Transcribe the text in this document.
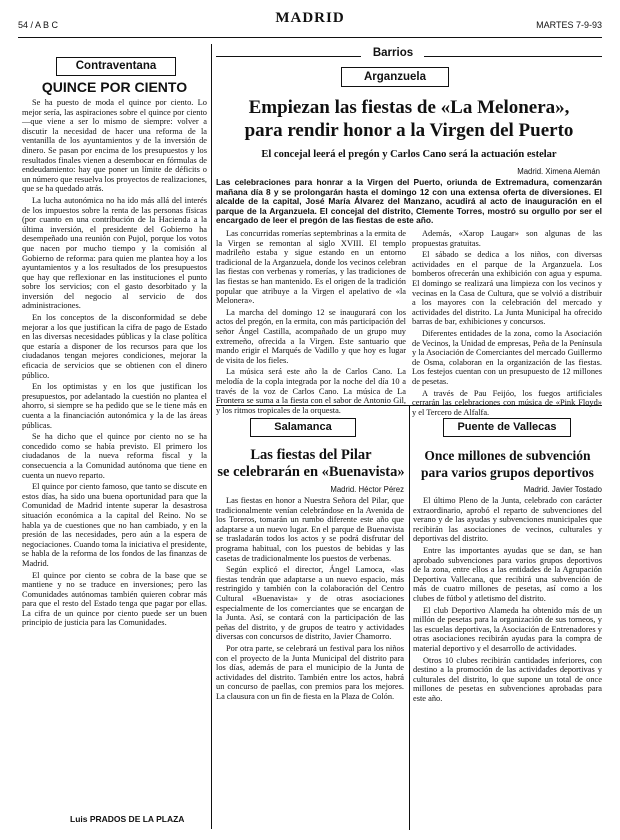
54 / A B C	MADRID	MARTES 7-9-93
Contraventana
QUINCE POR CIENTO

Se ha puesto de moda el quince por ciento. Lo mejor sería, las aspiraciones sobre el quince por ciento —que viene a ser lo mismo de siempre: volver a discutir la necesidad de hacer una reforma de la ventanilla de los ayuntamientos y de la inversión de dinero. Se pasan por encima de los presupuestos y los resultados finales vienen a desembocar en fórmulas de endeudamiento: hay que poner un límite de déficits o un número que resuelva los proyectos de realizaciones, que se ha quedado atrás.

La lucha autonómica no ha ido más allá del interés de los impuestos sobre la renta de las personas físicas (por cuanto en una contribución de la Hacienda a la última inversión, el presidente del Gobierno ha desempeñado una reunión con Pujol, porque los votos que nacen por mucho tiempo y la comisión al Gobierno de reforma: para quien me plantea hoy a los ayuntamientos y a los resultados de los presupuestos que hay que reflexionar en las instituciones el punto sobre los servicios; con el gasto desorbitado y la inversión del negocio al servicio de dos administraciones.

En los conceptos de la disconformidad se debe mejorar a los que justifican la cifra de pago de Estado en las diversas necesidades públicas y la clase política que estaría a disponer de los recursos para que los ciudadanos tengan mejores condiciones, mejorar la eficacia de servicios que se obtienen con el dinero público.

En los optimistas y en los que justifican los presupuestos, por adelantado la cuestión no plantea el ahorro, si siempre se ha pedido que se le tiene más en cuenta a la financiación autonómica y la de las áreas públicas.

Se ha dicho que el quince por ciento no se ha concedido como se había previsto. El primero los ciudadanos de la nueva reforma fiscal y la consecuencia a la Comunidad autónoma que tiene en cuenta un nuevo reparto.

El quince por ciento famoso, que tanto se discute en estos días, ha sido una buena oportunidad para que la Comunidad de Madrid intente superar la desastrosa situación económica a la capital del Reino. No se habla ya de cuestiones que no han cambiado, y en la presión de las necesidades, pero aún a la espera de negociaciones. Cuando toma la iniciativa el presidente, se habla de la reforma de los fondos de las finanzas de Madrid.

El quince por ciento se cobra de la base que se mantiene y no se traduce en inversiones; pero las Comunidades autónomas también quieren cobrar más para que el resto del Estado tenga que pagar por ellas. La cifra de un quince por ciento puede ser un buen principio de justicia para las Comunidades.

Luis PRADOS DE LA PLAZA
Barrios
Arganzuela
Empiezan las fiestas de «La Melonera»,
para rendir honor a la Virgen del Puerto
El concejal leerá el pregón y Carlos Cano será la actuación estelar
Madrid. Ximena Alemán
Las celebraciones para honrar a la Virgen del Puerto, oriunda de Extremadura, comenzarán mañana día 8 y se prolongarán hasta el domingo 12 con una extensa oferta de diversiones. El alcalde de la capital, José María Álvarez del Manzano, acudirá al acto de inauguración en el parque de la Arganzuela. El concejal del distrito, Clemente Torres, mostró su orgullo por ser el encargado de leer el pregón de las fiestas de este año.

Las concurridas romerías septembrinas a la ermita de la Virgen se remontan al siglo XVIII. El templo madrileño estaba y sigue estando en un entorno tradicional de la Arganzuela, donde los vecinos celebran las fiestas con verbenas y romerías, y las tradiciones de las fiestas se han mantenido. Es el origen de la tradición popular que atribuye a la Virgen el apelativo de «la Melonera».

La marcha del domingo 12 se inaugurará con los actos del pregón, en la ermita, con más participación del señor Ángel Castilla, acompañado de un grupo muy extremeño, ofrecida a la Virgen. Este santuario que mando erigir el Marqués de Vadillo y que hoy es lugar de visita de los fieles.

La música será este año la de Carlos Cano. La melodía de la copla integrada por la noche del día 10 a través de la voz de Carlos Cano. La música de La Frontera se suma a la fiesta con el sabor de Antonio Gil, y los ritmos tropicales de la orquesta.

Además, «Xarop Laugar» son algunas de las propuestas gratuitas.

El sábado se dedica a los niños, con diversas actividades en el parque de la Arganzuela. Los bomberos ofrecerán una exhibición con agua y espuma. El domingo se realizará una limpieza con los vecinos y vecinas en la Casa de Cultura, que se volvió a distribuir a los mayores con la celebración del mercado y actividades del distrito. La Junta Municipal ha ofrecido barras de bar, exhibiciones y concursos.

Diferentes entidades de la zona, como la Asociación de Vecinos, la Unidad de empresas, Peña de la Península y la Asociación de Comerciantes del mercado Guillermo de Osma, colaboran en la organización de las fiestas. Los festejos cuentan con un presupuesto de 12 millones de pesetas.

A través de Pau Feijóo, los fuegos artificiales cerrarán las celebraciones con música de «Pink Floyd» y el Tercero de Alfalfa.

Salamanca
Las fiestas del Pilar
se celebrarán en «Buenavista»
Madrid. Héctor Pérez

Las fiestas en honor a Nuestra Señora del Pilar, que tradicionalmente venían celebrándose en la Avenida de los Toreros, tomarán un rumbo diferente este año que adaptarse a un nuevo lugar. En el parque de Buenavista se trasladarán todos los actos y se podrá disfrutar del programa habitual, con los puestos de bebidas y las casetas de tradicionalmente los puestos de verbenas.

Según explicó el director, Ángel Lamoca, «las fiestas tendrán que adaptarse a un nuevo espacio, más restringido y también con la colaboración del Centro Cultural «Buenavista» y de otras asociaciones especialmente de los comerciantes que se encargan de la Junta. Así, se contará con la participación de las peñas del distrito, y de grupos de teatro y actividades diversas con concursos de distrito, Javier Chamorro.

Por otra parte, se celebrará un festival para los niños con el proyecto de la Junta Municipal del distrito para los días, además de para el municipio de la Junta de actividades del distrito. También entre los actos, habrá un concurso de paellas, con premios para los mejores. La clausura con un fin de fiesta en la Plaza de Colón.

Puente de Vallecas
Once millones de subvención
para varios grupos deportivos
Madrid. Javier Tostado

El último Pleno de la Junta, celebrado con carácter extraordinario, aprobó el reparto de subvenciones del verano y de las ayudas y subvenciones municipales que recibirán las asociaciones de vecinos, culturales y deportivas del distrito.

Entre las importantes ayudas que se dan, se han aprobado subvenciones para varios grupos deportivos de la zona, entre ellos a las entidades de la Agrupación Deportiva Vallecana, que recibirá una subvención de más de cuatro millones de pesetas, así como a los clubes de fútbol y atletismo del distrito.

El club Deportivo Alameda ha obtenido más de un millón de pesetas para la organización de sus torneos, y las escuelas deportivas, la Asociación de Entrenadores y otras asociaciones recibirán ayudas para la compra de material deportivo y el desarrollo de actividades.

Otros 10 clubes recibirán cantidades inferiores, con destino a la promoción de las actividades deportivas y culturales del distrito, lo que supone un total de once millones de pesetas en subvenciones aprobadas para este año.
